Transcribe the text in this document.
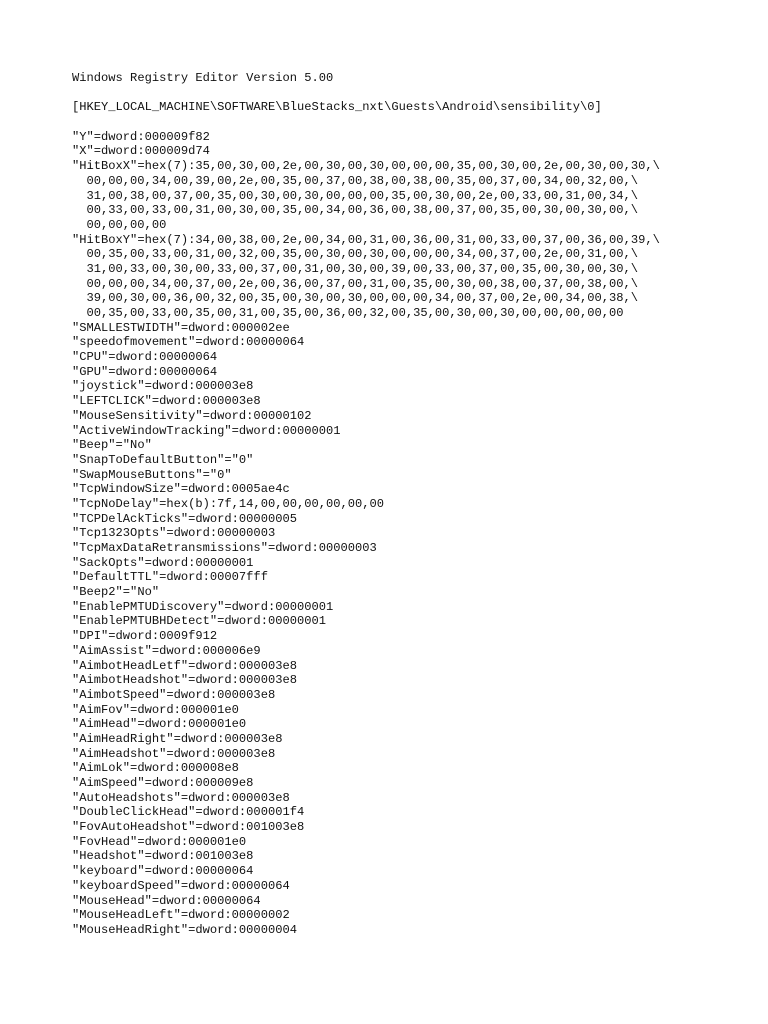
Windows Registry Editor Version 5.00
[HKEY_LOCAL_MACHINE\SOFTWARE\BlueStacks_nxt\Guests\Android\sensibility\0]
"Y"=dword:000009f82
"X"=dword:000009d74
"HitBoxX"=hex(7):35,00,30,00,2e,00,30,00,30,00,00,00,35,00,30,00,2e,00,30,00,30,\
00,00,00,34,00,39,00,2e,00,35,00,37,00,38,00,38,00,35,00,37,00,34,00,32,00,\
31,00,38,00,37,00,35,00,30,00,30,00,00,00,35,00,30,00,2e,00,33,00,31,00,34,\
00,33,00,33,00,31,00,30,00,35,00,34,00,36,00,38,00,37,00,35,00,30,00,30,00,\
00,00,00,00
"HitBoxY"=hex(7):34,00,38,00,2e,00,34,00,31,00,36,00,31,00,33,00,37,00,36,00,39,\
00,35,00,33,00,31,00,32,00,35,00,30,00,30,00,00,00,34,00,37,00,2e,00,31,00,\
31,00,33,00,30,00,33,00,37,00,31,00,30,00,39,00,33,00,37,00,35,00,30,00,30,\
00,00,00,34,00,37,00,2e,00,36,00,37,00,31,00,35,00,30,00,38,00,37,00,38,00,\
39,00,30,00,36,00,32,00,35,00,30,00,30,00,00,00,34,00,37,00,2e,00,34,00,38,\
00,35,00,33,00,35,00,31,00,35,00,36,00,32,00,35,00,30,00,30,00,00,00,00,00
"SMALLESTWIDTH"=dword:000002ee
"speedofmovement"=dword:00000064
"CPU"=dword:00000064
"GPU"=dword:00000064
"joystick"=dword:000003e8
"LEFTCLICK"=dword:000003e8
"MouseSensitivity"=dword:00000102
"ActiveWindowTracking"=dword:00000001
"Beep"="No"
"SnapToDefaultButton"="0"
"SwapMouseButtons"="0"
"TcpWindowSize"=dword:0005ae4c
"TcpNoDelay"=hex(b):7f,14,00,00,00,00,00,00
"TCPDelAckTicks"=dword:00000005
"Tcp1323Opts"=dword:00000003
"TcpMaxDataRetransmissions"=dword:00000003
"SackOpts"=dword:00000001
"DefaultTTL"=dword:00007fff
"Beep2"="No"
"EnablePMTUDiscovery"=dword:00000001
"EnablePMTUBHDetect"=dword:00000001
"DPI"=dword:0009f912
"AimAssist"=dword:000006e9
"AimbotHeadLetf"=dword:000003e8
"AimbotHeadshot"=dword:000003e8
"AimbotSpeed"=dword:000003e8
"AimFov"=dword:000001e0
"AimHead"=dword:000001e0
"AimHeadRight"=dword:000003e8
"AimHeadshot"=dword:000003e8
"AimLok"=dword:000008e8
"AimSpeed"=dword:000009e8
"AutoHeadshots"=dword:000003e8
"DoubleClickHead"=dword:000001f4
"FovAutoHeadshot"=dword:001003e8
"FovHead"=dword:000001e0
"Headshot"=dword:001003e8
"keyboard"=dword:00000064
"keyboardSpeed"=dword:00000064
"MouseHead"=dword:00000064
"MouseHeadLeft"=dword:00000002
"MouseHeadRight"=dword:00000004
